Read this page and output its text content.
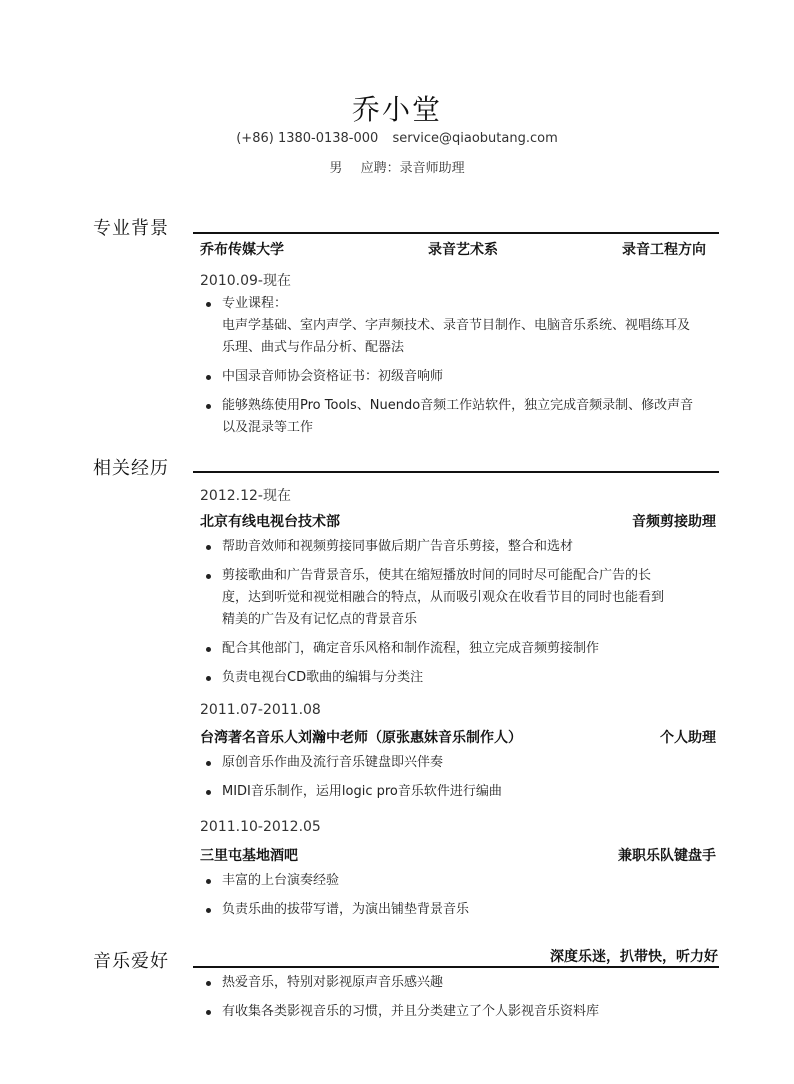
乔小堂
(+86) 1380-0138-000 service@qiaobutang.com
男 应聘：录音师助理
专业背景
乔布传媒大学	录音艺术系	录音工程方向
2010.09-现在
专业课程：
电声学基础、室内声学、字声频技术、录音节目制作、电脑音乐系统、视唱练耳及乐理、曲式与作品分析、配器法
中国录音师协会资格证书：初级音响师
能够熟练使用Pro Tools、Nuendo音频工作站软件，独立完成音频录制、修改声音以及混录等工作
相关经历
2012.12-现在
北京有线电视台技术部	音频剪接助理
帮助音效师和视频剪接同事做后期广告音乐剪接，整合和选材
剪接歌曲和广告背景音乐，使其在缩短播放时间的同时尽可能配合广告的长度，达到听觉和视觉相融合的特点，从而吸引观众在收看节目的同时也能看到精美的广告及有记忆点的背景音乐
配合其他部门，确定音乐风格和制作流程，独立完成音频剪接制作
负责电视台CD歌曲的编辑与分类注
2011.07-2011.08
台湾著名音乐人刘瀚中老师（原张惠妹音乐制作人）	个人助理
原创音乐作曲及流行音乐键盘即兴伴奏
MIDI音乐制作，运用logic pro音乐软件进行编曲
2011.10-2012.05
三里屯基地酒吧	兼职乐队键盘手
丰富的上台演奏经验
负责乐曲的拔带写谱，为演出铺垫背景音乐
音乐爱好	深度乐迷，扒带快，听力好
热爱音乐，特别对影视原声音乐感兴趣
有收集各类影视音乐的习惯，并且分类建立了个人影视音乐资料库
